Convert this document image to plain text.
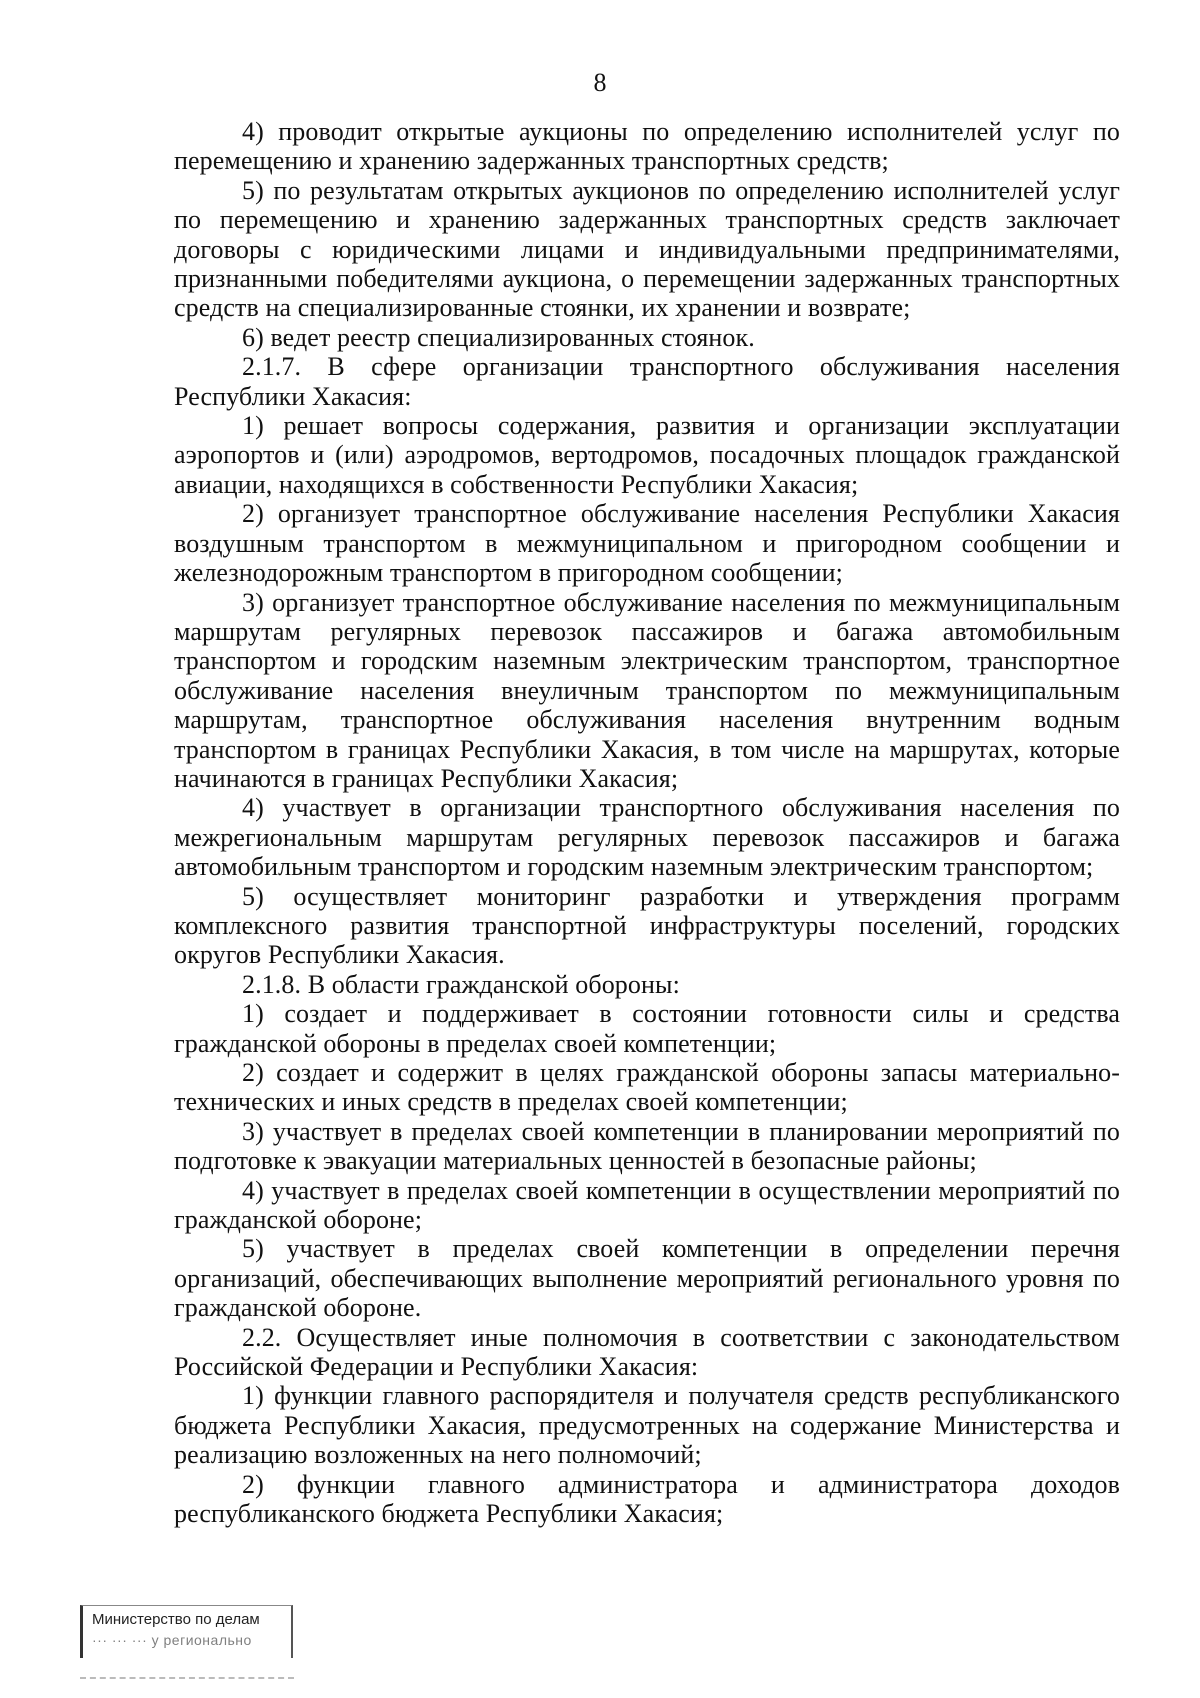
8

4) проводит открытые аукционы по определению исполнителей услуг по перемещению и хранению задержанных транспортных средств;

5) по результатам открытых аукционов по определению исполнителей услуг по перемещению и хранению задержанных транспортных средств заключает договоры с юридическими лицами и индивидуальными предпринимателями, признанными победителями аукциона, о перемещении задержанных транспортных средств на специализированные стоянки, их хранении и возврате;

6) ведет реестр специализированных стоянок.

2.1.7. В сфере организации транспортного обслуживания населения Республики Хакасия:

1) решает вопросы содержания, развития и организации эксплуатации аэропортов и (или) аэродромов, вертодромов, посадочных площадок гражданской авиации, находящихся в собственности Республики Хакасия;

2) организует транспортное обслуживание населения Республики Хакасия воздушным транспортом в межмуниципальном и пригородном сообщении и железнодорожным транспортом в пригородном сообщении;

3) организует транспортное обслуживание населения по межмуниципальным маршрутам регулярных перевозок пассажиров и багажа автомобильным транспортом и городским наземным электрическим транспортом, транспортное обслуживание населения внеуличным транспортом по межмуниципальным маршрутам, транспортное обслуживания населения внутренним водным транспортом в границах Республики Хакасия, в том числе на маршрутах, которые начинаются в границах Республики Хакасия;

4) участвует в организации транспортного обслуживания населения по межрегиональным маршрутам регулярных перевозок пассажиров и багажа автомобильным транспортом и городским наземным электрическим транспортом;

5) осуществляет мониторинг разработки и утверждения программ комплексного развития транспортной инфраструктуры поселений, городских округов Республики Хакасия.

2.1.8. В области гражданской обороны:

1) создает и поддерживает в состоянии готовности силы и средства гражданской обороны в пределах своей компетенции;

2) создает и содержит в целях гражданской обороны запасы материально-технических и иных средств в пределах своей компетенции;

3) участвует в пределах своей компетенции в планировании мероприятий по подготовке к эвакуации материальных ценностей в безопасные районы;

4) участвует в пределах своей компетенции в осуществлении мероприятий по гражданской обороне;

5) участвует в пределах своей компетенции в определении перечня организаций, обеспечивающих выполнение мероприятий регионального уровня по гражданской обороне.

2.2. Осуществляет иные полномочия в соответствии с законодательством Российской Федерации и Республики Хакасия:

1) функции главного распорядителя и получателя средств республиканского бюджета Республики Хакасия, предусмотренных на содержание Министерства и реализацию возложенных на него полномочий;

2) функции главного администратора и администратора доходов республиканского бюджета Республики Хакасия;

Министерство по делам
··· ··· ··· у регионально
